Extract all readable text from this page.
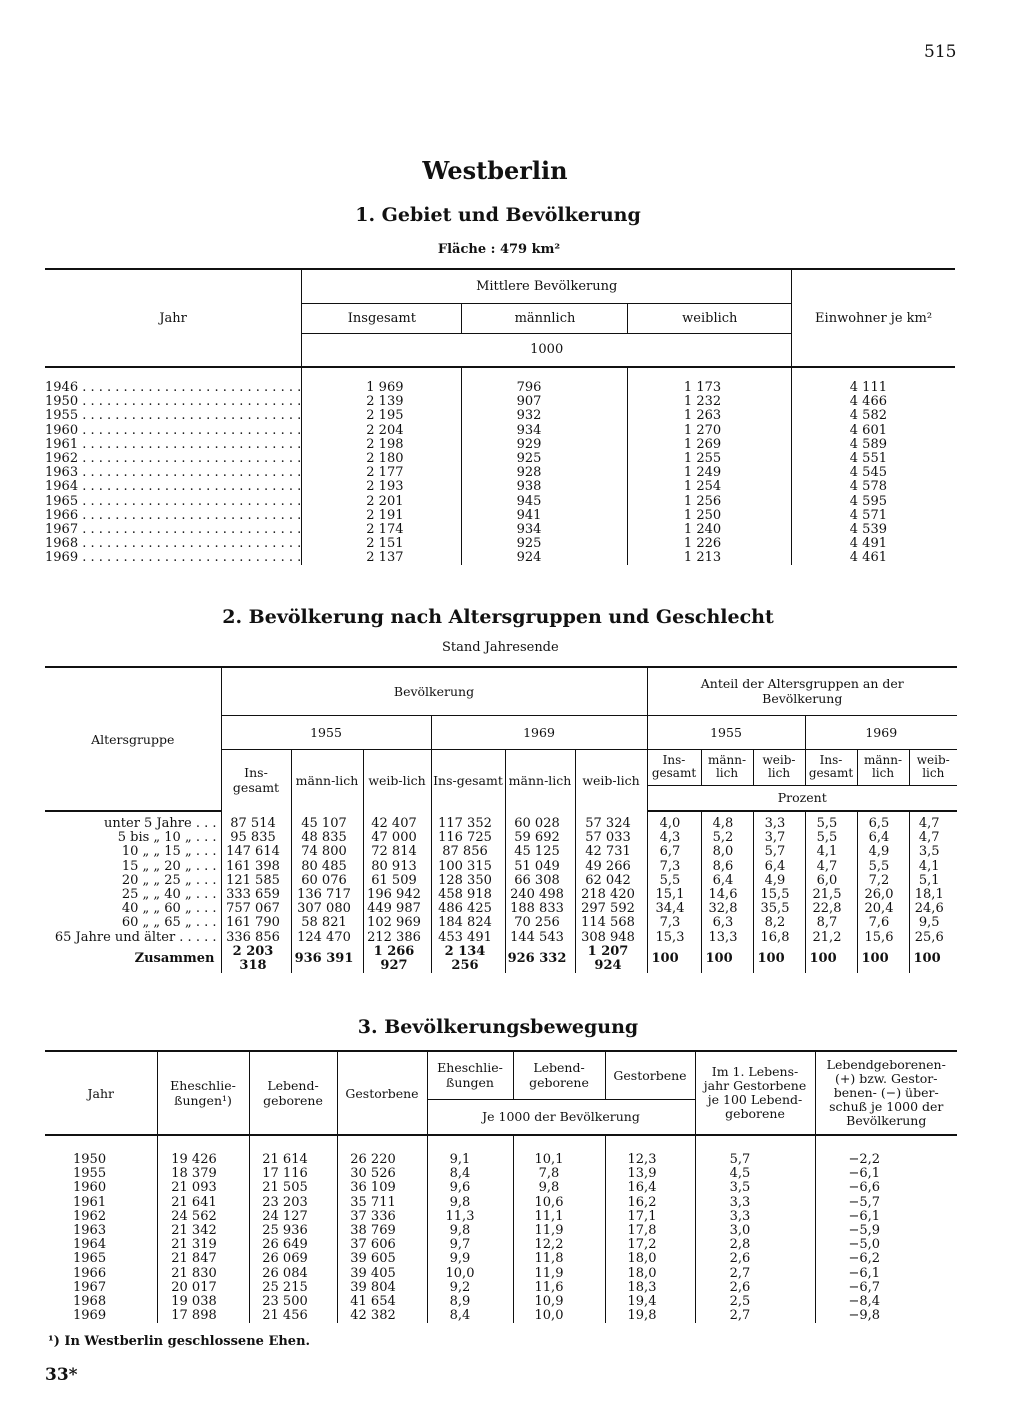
515
Westberlin
1. Gebiet und Bevölkerung
Fläche : 479 km²
Jahr	Mittlere Bevölkerung			Einwohner je km²
	Insgesamt	männlich	weiblich	
	1000			

1946 . . . . . . . . . . . . . . . . . . . . . . . . . . .	1 969	796	1 173	4 111
1950 . . . . . . . . . . . . . . . . . . . . . . . . . . .	2 139	907	1 232	4 466
1955 . . . . . . . . . . . . . . . . . . . . . . . . . . .	2 195	932	1 263	4 582
1960 . . . . . . . . . . . . . . . . . . . . . . . . . . .	2 204	934	1 270	4 601
1961 . . . . . . . . . . . . . . . . . . . . . . . . . . .	2 198	929	1 269	4 589
1962 . . . . . . . . . . . . . . . . . . . . . . . . . . .	2 180	925	1 255	4 551
1963 . . . . . . . . . . . . . . . . . . . . . . . . . . .	2 177	928	1 249	4 545
1964 . . . . . . . . . . . . . . . . . . . . . . . . . . .	2 193	938	1 254	4 578
1965 . . . . . . . . . . . . . . . . . . . . . . . . . . .	2 201	945	1 256	4 595
1966 . . . . . . . . . . . . . . . . . . . . . . . . . . .	2 191	941	1 250	4 571
1967 . . . . . . . . . . . . . . . . . . . . . . . . . . .	2 174	934	1 240	4 539
1968 . . . . . . . . . . . . . . . . . . . . . . . . . . .	2 151	925	1 226	4 491
1969 . . . . . . . . . . . . . . . . . . . . . . . . . . .	2 137	924	1 213	4 461
2. Bevölkerung nach Altersgruppen und Geschlecht
Stand Jahresende
Altersgruppe	Bevölkerung						Anteil der Altersgruppen an der Bevölkerung					
	1955			1969			1955			1969		
	Ins-gesamt	männ-lich	weib-lich	Ins-gesamt	männ-lich	weib-lich	Ins-gesamt	männ-lich	weib-lich	Ins-gesamt	männ-lich	weib-lich
							Prozent					

unter 5 Jahre . . .	87 514	45 107	42 407	117 352	60 028	57 324	4,0	4,8	3,3	5,5	6,5	4,7
5 bis „ 10 „ . . .	95 835	48 835	47 000	116 725	59 692	57 033	4,3	5,2	3,7	5,5	6,4	4,7
10 „ „ 15 „ . . .	147 614	74 800	72 814	87 856	45 125	42 731	6,7	8,0	5,7	4,1	4,9	3,5
15 „ „ 20 „ . . .	161 398	80 485	80 913	100 315	51 049	49 266	7,3	8,6	6,4	4,7	5,5	4,1
20 „ „ 25 „ . . .	121 585	60 076	61 509	128 350	66 308	62 042	5,5	6,4	4,9	6,0	7,2	5,1
25 „ „ 40 „ . . .	333 659	136 717	196 942	458 918	240 498	218 420	15,1	14,6	15,5	21,5	26,0	18,1
40 „ „ 60 „ . . .	757 067	307 080	449 987	486 425	188 833	297 592	34,4	32,8	35,5	22,8	20,4	24,6
60 „ „ 65 „ . . .	161 790	58 821	102 969	184 824	70 256	114 568	7,3	6,3	8,2	8,7	7,6	9,5
65 Jahre und älter . . . . .	336 856	124 470	212 386	453 491	144 543	308 948	15,3	13,3	16,8	21,2	15,6	25,6
Zusammen	2 203 318	936 391	1 266 927	2 134 256	926 332	1 207 924	100	100	100	100	100	100
3. Bevölkerungsbewegung
Jahr	Eheschlie-ßungen¹)	Lebend-geborene	Gestorbene	Eheschlie-ßungen	Lebend-geborene	Gestorbene	Im 1. Lebens-jahr Gestorbene je 100 Lebend-geborene	Lebendgeborenen-(+) bzw. Gestor-benen- (−) über-schuß je 1000 der Bevölkerung
				Je 1000 der Bevölkerung				

1950	19 426	21 614	26 220	9,1	10,1	12,3	5,7	−2,2
1955	18 379	17 116	30 526	8,4	7,8	13,9	4,5	−6,1
1960	21 093	21 505	36 109	9,6	9,8	16,4	3,5	−6,6
1961	21 641	23 203	35 711	9,8	10,6	16,2	3,3	−5,7
1962	24 562	24 127	37 336	11,3	11,1	17,1	3,3	−6,1
1963	21 342	25 936	38 769	9,8	11,9	17,8	3,0	−5,9
1964	21 319	26 649	37 606	9,7	12,2	17,2	2,8	−5,0
1965	21 847	26 069	39 605	9,9	11,8	18,0	2,6	−6,2
1966	21 830	26 084	39 405	10,0	11,9	18,0	2,7	−6,1
1967	20 017	25 215	39 804	9,2	11,6	18,3	2,6	−6,7
1968	19 038	23 500	41 654	8,9	10,9	19,4	2,5	−8,4
1969	17 898	21 456	42 382	8,4	10,0	19,8	2,7	−9,8
¹) In Westberlin geschlossene Ehen.
33*
